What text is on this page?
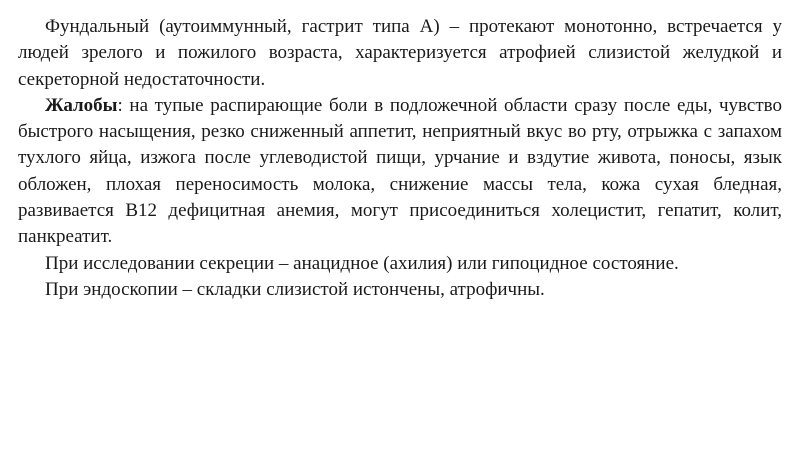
Фундальный (аутоиммунный, гастрит типа А) – протекают монотонно, встречается у людей зрелого и пожилого возраста, характеризуется атрофией слизистой желудкой и секреторной недостаточности.

Жалобы: на тупые распирающие боли в подложечной области сразу после еды, чувство быстрого насыщения, резко сниженный аппетит, неприятный вкус во рту, отрыжка с запахом тухлого яйца, изжога после углеводистой пищи, урчание и вздутие живота, поносы, язык обложен, плохая переносимость молока, снижение массы тела, кожа сухая бледная, развивается В12 дефицитная анемия, могут присоединиться холецистит, гепатит, колит, панкреатит.

При исследовании секреции – анацидное (ахилия) или гипоцидное состояние.

При эндоскопии – складки слизистой истончены, атрофичны.
